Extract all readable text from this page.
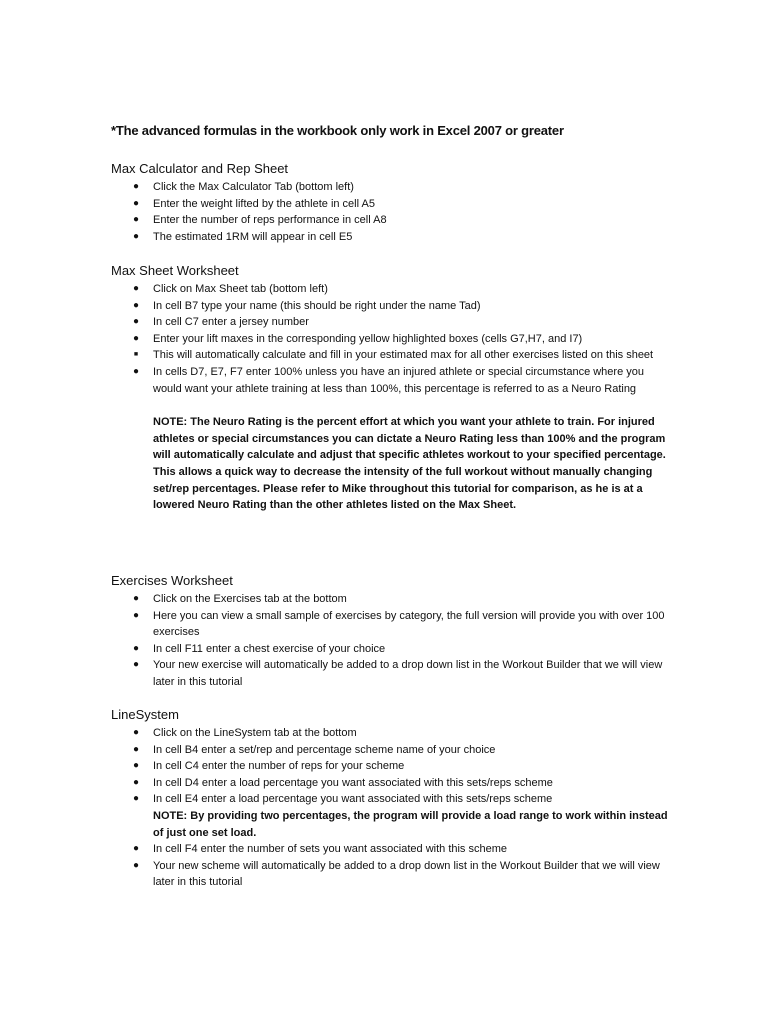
*The advanced formulas in the workbook only work in Excel 2007 or greater

Max Calculator and Rep Sheet
● Click the Max Calculator Tab (bottom left)
● Enter the weight lifted by the athlete in cell A5
● Enter the number of reps performance in cell A8
● The estimated 1RM will appear in cell E5
Max Sheet Worksheet
● Click on Max Sheet tab (bottom left)
● In cell B7 type your name (this should be right under the name Tad)
● In cell C7 enter a jersey number
● Enter your lift maxes in the corresponding yellow highlighted boxes (cells G7,H7, and I7)
■ This will automatically calculate and fill in your estimated max for all other exercises listed on this sheet
● In cells D7, E7, F7 enter 100% unless you have an injured athlete or special circumstance where you would want your athlete training at less than 100%, this percentage is referred to as a Neuro Rating

NOTE: The Neuro Rating is the percent effort at which you want your athlete to train. For injured athletes or special circumstances you can dictate a Neuro Rating less than 100% and the program will automatically calculate and adjust that specific athletes workout to your specified percentage. This allows a quick way to decrease the intensity of the full workout without manually changing set/rep percentages. Please refer to Mike throughout this tutorial for comparison, as he is at a lowered Neuro Rating than the other athletes listed on the Max Sheet.

Exercises Worksheet
● Click on the Exercises tab at the bottom
● Here you can view a small sample of exercises by category, the full version will provide you with over 100 exercises
● In cell F11 enter a chest exercise of your choice
● Your new exercise will automatically be added to a drop down list in the Workout Builder that we will view later in this tutorial
LineSystem
● Click on the LineSystem tab at the bottom
● In cell B4 enter a set/rep and percentage scheme name of your choice
● In cell C4 enter the number of reps for your scheme
● In cell D4 enter a load percentage you want associated with this sets/reps scheme
● In cell E4 enter a load percentage you want associated with this sets/reps scheme
NOTE: By providing two percentages, the program will provide a load range to work within instead of just one set load.
● In cell F4 enter the number of sets you want associated with this scheme
● Your new scheme will automatically be added to a drop down list in the Workout Builder that we will view later in this tutorial
